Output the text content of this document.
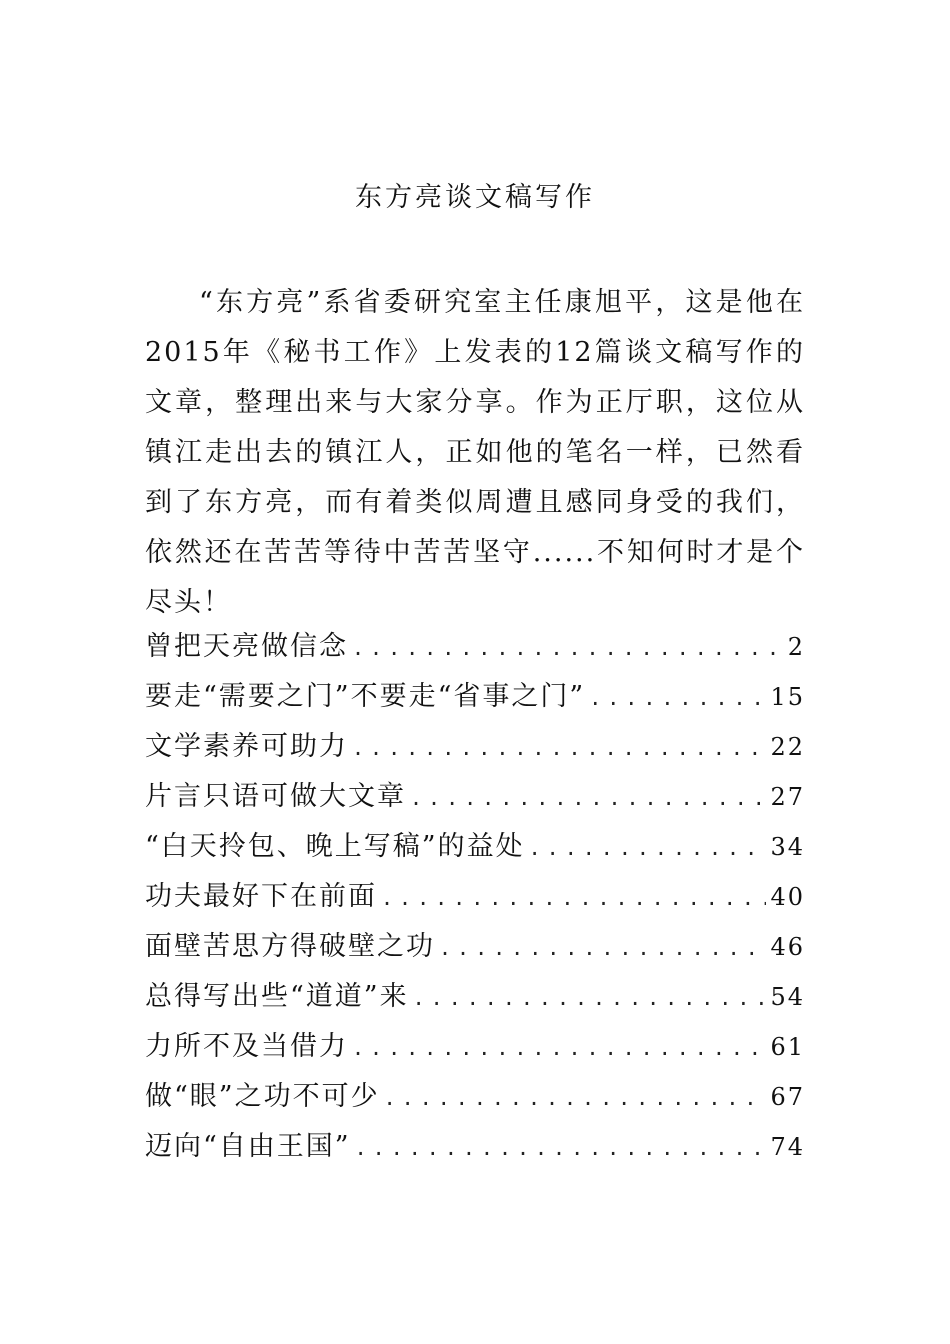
东方亮谈文稿写作

“东方亮”系省委研究室主任康旭平，这是他在2015年《秘书工作》上发表的12篇谈文稿写作的文章，整理出来与大家分享。作为正厅职，这位从镇江走出去的镇江人，正如他的笔名一样，已然看到了东方亮，而有着类似周遭且感同身受的我们，依然还在苦苦等待中苦苦坚守......不知何时才是个尽头！

曾把天亮做信念 .....	2
要走“需要之门”不要走“省事之门” .....	15
文学素养可助力 .....	22
片言只语可做大文章 .....	27
“白天拎包、晚上写稿”的益处 .....	34
功夫最好下在前面 .....	40
面壁苦思方得破壁之功 .....	46
总得写出些“道道”来 .....	54
力所不及当借力 .....	61
做“眼”之功不可少 .....	67
迈向“自由王国” .....	74
